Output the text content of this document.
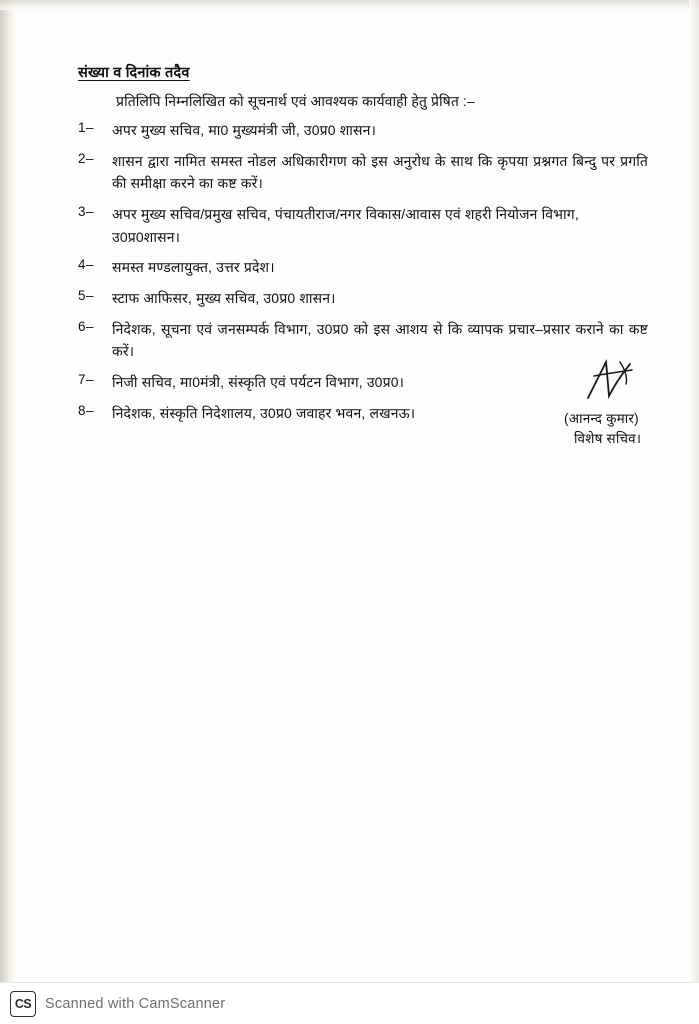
संख्या व दिनांक तदैव

प्रतिलिपि निम्नलिखित को सूचनार्थ एवं आवश्यक कार्यवाही हेतु प्रेषित :–

1–	अपर मुख्य सचिव, मा0 मुख्यमंत्री जी, उ0प्र0 शासन।
2–	शासन द्वारा नामित समस्त नोडल अधिकारीगण को इस अनुरोध के साथ कि कृपया प्रश्नगत बिन्दु पर प्रगति की समीक्षा करने का कष्ट करें।
3–	अपर मुख्य सचिव/प्रमुख सचिव, पंचायतीराज/नगर विकास/आवास एवं शहरी नियोजन विभाग, उ0प्र0शासन।
4–	समस्त मण्डलायुक्त, उत्तर प्रदेश।
5–	स्टाफ आफिसर, मुख्य सचिव, उ0प्र0 शासन।
6–	निदेशक, सूचना एवं जनसम्पर्क विभाग, उ0प्र0 को इस आशय से कि व्यापक प्रचार–प्रसार कराने का कष्ट करें।
7–	निजी सचिव, मा0मंत्री, संस्कृति एवं पर्यटन विभाग, उ0प्र0।
8–	निदेशक, संस्कृति निदेशालय, उ0प्र0 जवाहर भवन, लखनऊ।	(आनन्द कुमार)
विशेष सचिव।
CS Scanned with CamScanner
